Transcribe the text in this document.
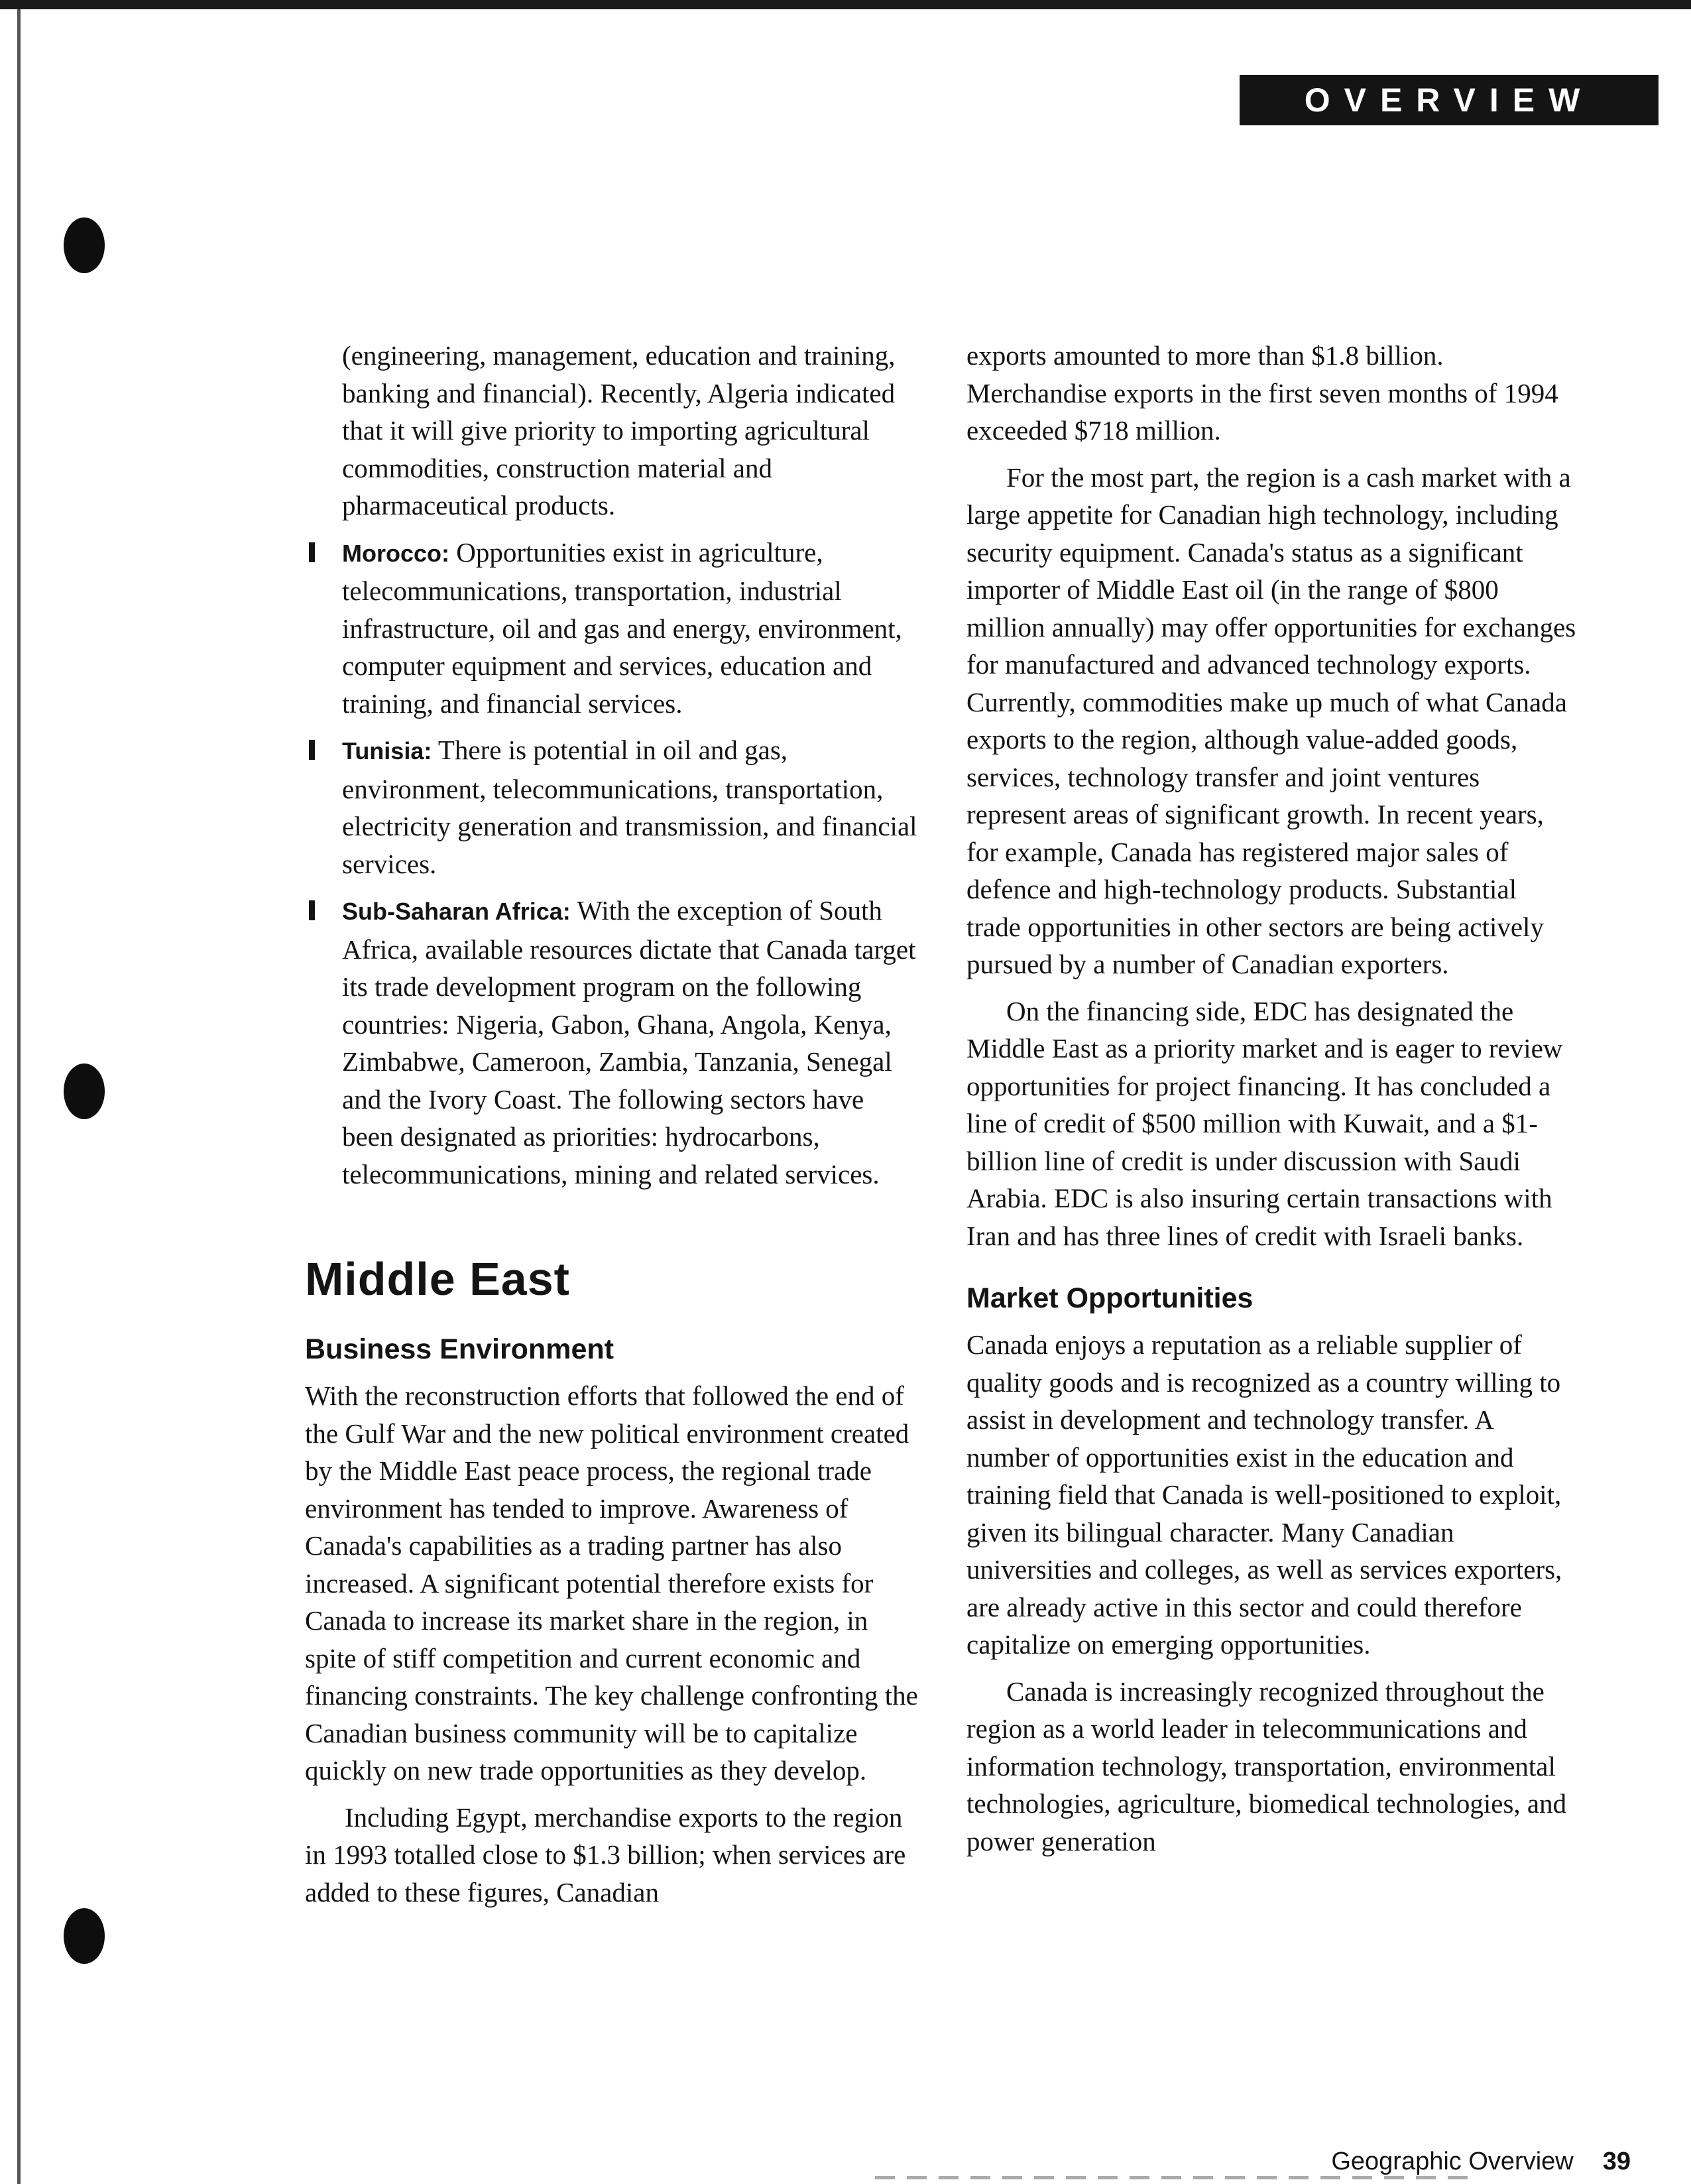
OVERVIEW

(engineering, management, education and training, banking and financial). Recently, Algeria indicated that it will give priority to importing agricultural commodities, construction material and pharmaceutical products.

Morocco: Opportunities exist in agriculture, telecommunications, transportation, industrial infrastructure, oil and gas and energy, environment, computer equipment and services, education and training, and financial services.
Tunisia: There is potential in oil and gas, environment, telecommunications, transportation, electricity generation and transmission, and financial services.
Sub-Saharan Africa: With the exception of South Africa, available resources dictate that Canada target its trade development program on the following countries: Nigeria, Gabon, Ghana, Angola, Kenya, Zimbabwe, Cameroon, Zambia, Tanzania, Senegal and the Ivory Coast. The following sectors have been designated as priorities: hydrocarbons, telecommunications, mining and related services.
Middle East
Business Environment

With the reconstruction efforts that followed the end of the Gulf War and the new political environment created by the Middle East peace process, the regional trade environment has tended to improve. Awareness of Canada's capabilities as a trading partner has also increased. A significant potential therefore exists for Canada to increase its market share in the region, in spite of stiff competition and current economic and financing constraints. The key challenge confronting the Canadian business community will be to capitalize quickly on new trade opportunities as they develop.

Including Egypt, merchandise exports to the region in 1993 totalled close to $1.3 billion; when services are added to these figures, Canadian

exports amounted to more than $1.8 billion. Merchandise exports in the first seven months of 1994 exceeded $718 million.

For the most part, the region is a cash market with a large appetite for Canadian high technology, including security equipment. Canada's status as a significant importer of Middle East oil (in the range of $800 million annually) may offer opportunities for exchanges for manufactured and advanced technology exports. Currently, commodities make up much of what Canada exports to the region, although value-added goods, services, technology transfer and joint ventures represent areas of significant growth. In recent years, for example, Canada has registered major sales of defence and high-technology products. Substantial trade opportunities in other sectors are being actively pursued by a number of Canadian exporters.

On the financing side, EDC has designated the Middle East as a priority market and is eager to review opportunities for project financing. It has concluded a line of credit of $500 million with Kuwait, and a $1-billion line of credit is under discussion with Saudi Arabia. EDC is also insuring certain transactions with Iran and has three lines of credit with Israeli banks.

Market Opportunities

Canada enjoys a reputation as a reliable supplier of quality goods and is recognized as a country willing to assist in development and technology transfer. A number of opportunities exist in the education and training field that Canada is well-positioned to exploit, given its bilingual character. Many Canadian universities and colleges, as well as services exporters, are already active in this sector and could therefore capitalize on emerging opportunities.

Canada is increasingly recognized throughout the region as a world leader in telecommunications and information technology, transportation, environmental technologies, agriculture, biomedical technologies, and power generation

Geographic Overview 39
